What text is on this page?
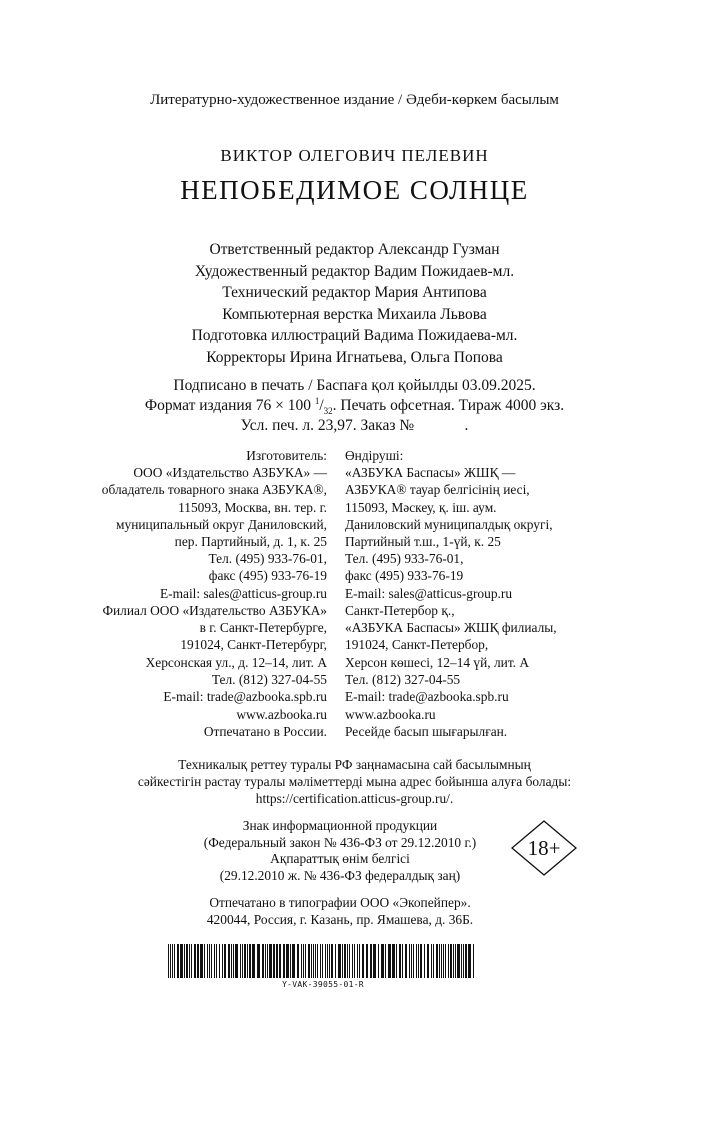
Литературно-художественное издание / Әдеби-көркем басылым
ВИКТОР ОЛЕГОВИЧ ПЕЛЕВИН
НЕПОБЕДИМОЕ СОЛНЦЕ
Ответственный редактор Александр Гузман
Художественный редактор Вадим Пожидаев-мл.
Технический редактор Мария Антипова
Компьютерная верстка Михаила Львова
Подготовка иллюстраций Вадима Пожидаева-мл.
Корректоры Ирина Игнатьева, Ольга Попова
Подписано в печать / Баспаға қол қойылды 03.09.2025.
Формат издания 76 × 100 $^1/_{32}$. Печать офсетная. Тираж 4000 экз.
Усл. печ. л. 23,97. Заказ №             .
Изготовитель:
ООО «Издательство АЗБУКА» —
обладатель товарного знака АЗБУКА®,
115093, Москва, вн. тер. г.
муниципальный округ Даниловский,
пер. Партийный, д. 1, к. 25
Тел. (495) 933-76-01,
факс (495) 933-76-19
E-mail: sales@atticus-group.ru
Өндіруші:
«АЗБУКА Баспасы» ЖШҚ —
АЗБУКА® тауар белгісінің иесі,
115093, Мәскеу, қ. іш. аум.
Даниловский муниципалдық округі,
Партийный т.ш., 1-үй, к. 25
Тел. (495) 933-76-01,
факс (495) 933-76-19
E-mail: sales@atticus-group.ru
Филиал ООО «Издательство АЗБУКА»
в г. Санкт-Петербурге,
191024, Санкт-Петербург,
Херсонская ул., д. 12–14, лит. А
Тел. (812) 327-04-55
E-mail: trade@azbooka.spb.ru
Санкт-Петербор қ.,
«АЗБУКА Баспасы» ЖШҚ филиалы,
191024, Санкт-Петербор,
Херсон көшесі, 12–14 үй, лит. А
Тел. (812) 327-04-55
E-mail: trade@azbooka.spb.ru
www.azbooka.ru
Отпечатано в России.
www.azbooka.ru
Ресейде басып шығарылған.
Техникалық реттеу туралы РФ заңнамасына сай басылымның
сәйкестігін растау туралы мәліметтерді мына адрес бойынша алуға болады:
https://certification.atticus-group.ru/.
Знак информационной продукции
(Федеральный закон № 436-ФЗ от 29.12.2010 г.)
Ақпараттық өнім белгісі
(29.12.2010 ж. № 436-ФЗ федералдық заң)
18+
Отпечатано в типографии ООО «Экопейпер».
420044, Россия, г. Казань, пр. Ямашева, д. 36Б.
Y-VAK-39055-01-R
